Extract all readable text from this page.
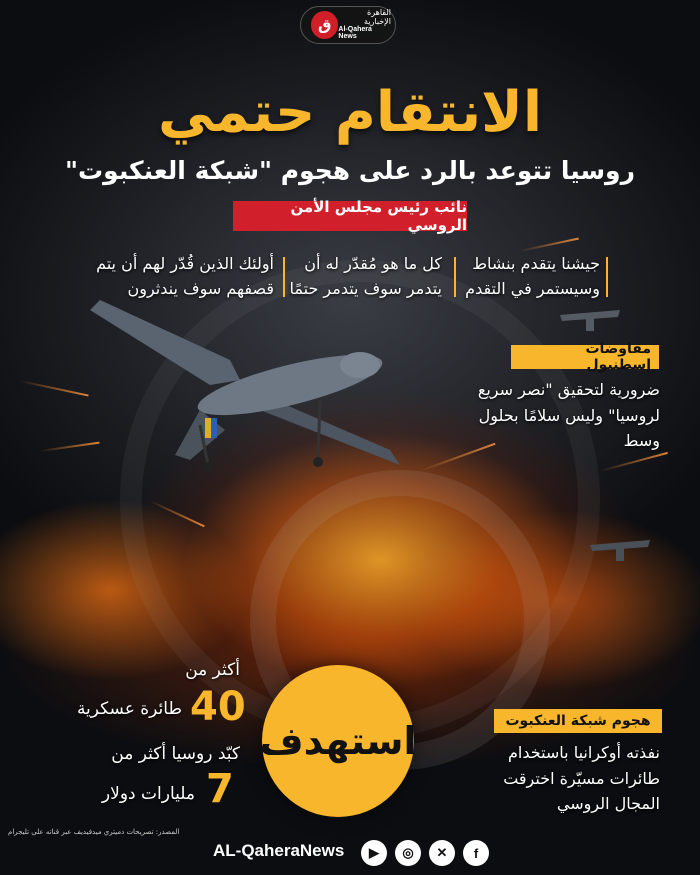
ق
القاهرة الإخبارية
Al-Qahera News
الانتقام حتمي
روسيا تتوعد بالرد على هجوم "شبكة العنكبوت"
نائب رئيس مجلس الأمن الروسي
جيشنا يتقدم بنشاط
وسيستمر في التقدم
كل ما هو مُقدّر له أن
يتدمر سوف يتدمر حتمًا
أولئك الذين قُدّر لهم أن يتم
قصفهم سوف يندثرون
مفاوضات إسطنبول
ضرورية لتحقيق "نصر سريع
لروسيا" وليس سلامًا بحلول
وسط
هجوم شبكة العنكبوت
نفذته أوكرانيا باستخدام
طائرات مسيّرة اخترقت
المجال الروسي
استهدف
أكثر من
40
طائرة عسكرية
كبّد روسيا أكثر من
7
مليارات دولار
المصدر: تصريحات دميتري ميدفيديف عبر قناته على تليجرام
AL-QaheraNews	▶	◎	✕	f
